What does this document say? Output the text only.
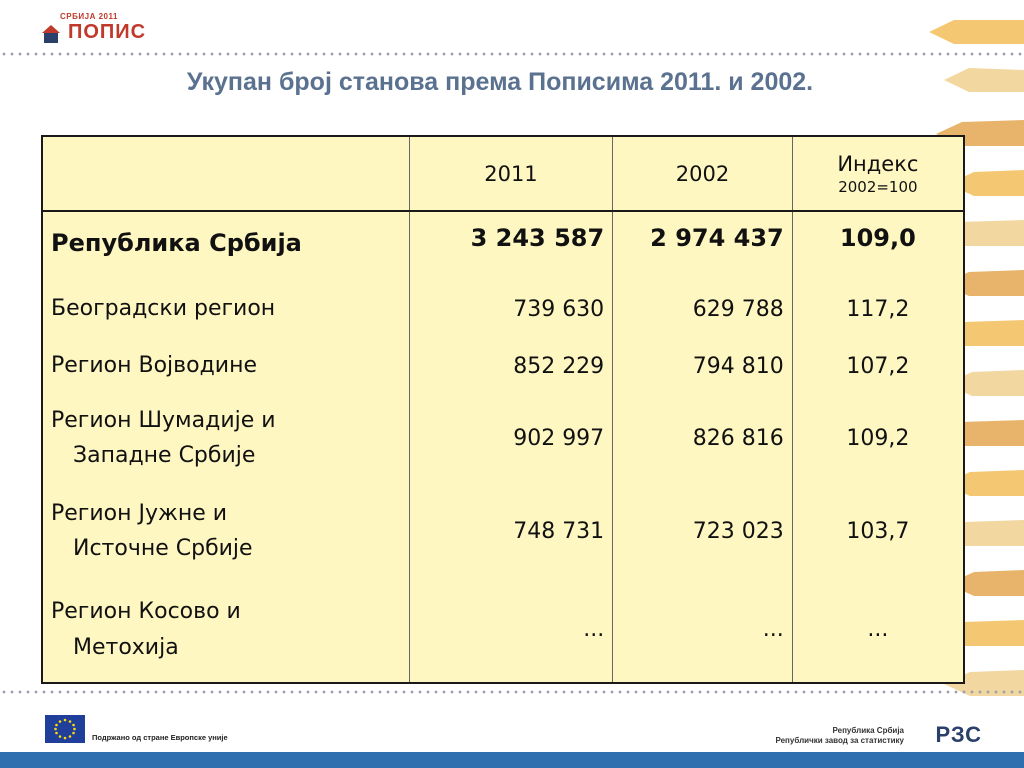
СРБИЈА 2011
ПОПИС
Укупан број станова према Пописима 2011. и 2002.
	2011	2002	Индекс
2002=100

Република Србија	3 243 587	2 974 437	109,0
Београдски регион	739 630	629 788	117,2
Регион Војводине	852 229	794 810	107,2

Регион Шумадије и
Западне Србије	902 997	826 816	109,2

Регион Јужне и
Источне Србије	748 731	723 023	103,7

Регион Косово и
Метохија	...	...	...
Подржано од стране Европске уније
Република Србија
Републички завод за статистику РЗС
